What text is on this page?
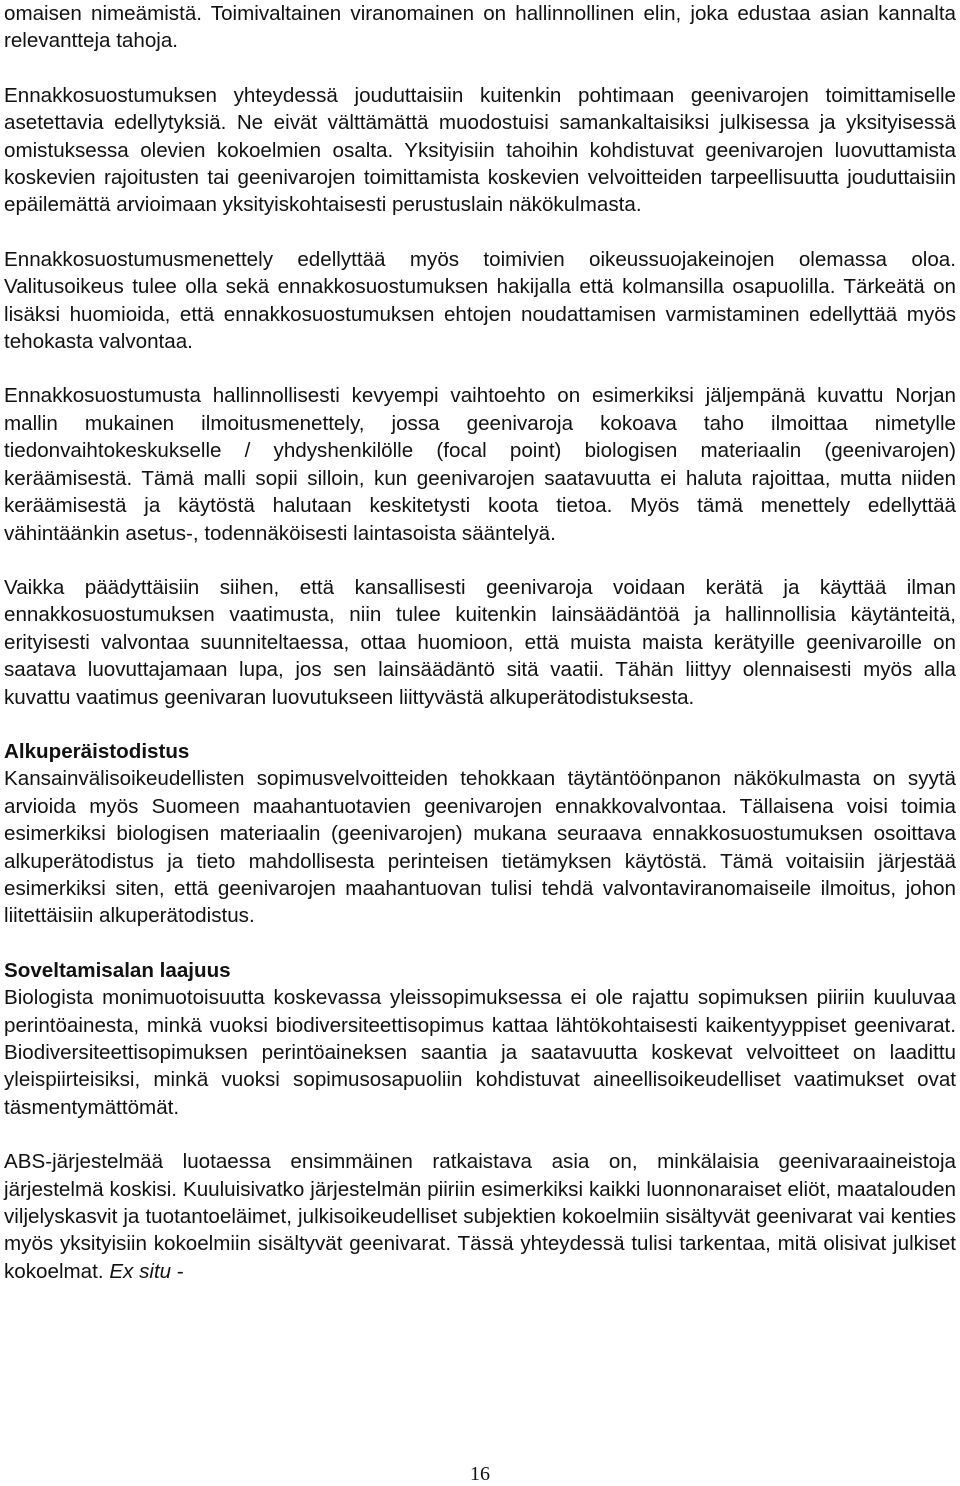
omaisen nimeämistä. Toimivaltainen viranomainen on hallinnollinen elin, joka edustaa asian kannalta relevantteja tahoja.

Ennakkosuostumuksen yhteydessä jouduttaisiin kuitenkin pohtimaan geenivarojen toimittamiselle asetettavia edellytyksiä. Ne eivät välttämättä muodostuisi samankaltaisiksi julkisessa ja yksityisessä omistuksessa olevien kokoelmien osalta. Yksityisiin tahoihin kohdistuvat geenivarojen luovuttamista koskevien rajoitusten tai geenivarojen toimittamista koskevien velvoitteiden tarpeellisuutta jouduttaisiin epäilemättä arvioimaan yksityiskohtaisesti perustuslain näkökulmasta.

Ennakkosuostumusmenettely edellyttää myös toimivien oikeussuojakeinojen olemassa oloa. Valitusoikeus tulee olla sekä ennakkosuostumuksen hakijalla että kolmansilla osapuolilla. Tärkeätä on lisäksi huomioida, että ennakkosuostumuksen ehtojen noudattamisen varmistaminen edellyttää myös tehokasta valvontaa.

Ennakkosuostumusta hallinnollisesti kevyempi vaihtoehto on esimerkiksi jäljempänä kuvattu Norjan mallin mukainen ilmoitusmenettely, jossa geenivaroja kokoava taho ilmoittaa nimetylle tiedonvaihtokeskukselle / yhdyshenkilölle (focal point) biologisen materiaalin (geenivarojen) keräämisestä. Tämä malli sopii silloin, kun geenivarojen saatavuutta ei haluta rajoittaa, mutta niiden keräämisestä ja käytöstä halutaan keskitetysti koota tietoa. Myös tämä menettely edellyttää vähintäänkin asetus-, todennäköisesti laintasoista sääntelyä.

Vaikka päädyttäisiin siihen, että kansallisesti geenivaroja voidaan kerätä ja käyttää ilman ennakkosuostumuksen vaatimusta, niin tulee kuitenkin lainsäädäntöä ja hallinnollisia käytänteitä, erityisesti valvontaa suunniteltaessa, ottaa huomioon, että muista maista kerätyille geenivaroille on saatava luovuttajamaan lupa, jos sen lainsäädäntö sitä vaatii. Tähän liittyy olennaisesti myös alla kuvattu vaatimus geenivaran luovutukseen liittyvästä alkuperätodistuksesta.

Alkuperäistodistus

Kansainvälisoikeudellisten sopimusvelvoitteiden tehokkaan täytäntöönpanon näkökulmasta on syytä arvioida myös Suomeen maahantuotavien geenivarojen ennakkovalvontaa. Tällaisena voisi toimia esimerkiksi biologisen materiaalin (geenivarojen) mukana seuraava ennakkosuostumuksen osoittava alkuperätodistus ja tieto mahdollisesta perinteisen tietämyksen käytöstä. Tämä voitaisiin järjestää esimerkiksi siten, että geenivarojen maahantuovan tulisi tehdä valvontaviranomaiseile ilmoitus, johon liitettäisiin alkuperätodistus.

Soveltamisalan laajuus

Biologista monimuotoisuutta koskevassa yleissopimuksessa ei ole rajattu sopimuksen piiriin kuuluvaa perintöainesta, minkä vuoksi biodiversiteettisopimus kattaa lähtökohtaisesti kaikentyyppiset geenivarat. Biodiversiteettisopimuksen perintöaineksen saantia ja saatavuutta koskevat velvoitteet on laadittu yleispiirteisiksi, minkä vuoksi sopimusosapuoliin kohdistuvat aineellisoikeudelliset vaatimukset ovat täsmentymättömät.

ABS-järjestelmää luotaessa ensimmäinen ratkaistava asia on, minkälaisia geenivaraaineistoja järjestelmä koskisi. Kuuluisivatko järjestelmän piiriin esimerkiksi kaikki luonnonaraiset eliöt, maatalouden viljelyskasvit ja tuotantoeläimet, julkisoikeudelliset subjektien kokoelmiin sisältyvät geenivarat vai kenties myös yksityisiin kokoelmiin sisältyvät geenivarat. Tässä yhteydessä tulisi tarkentaa, mitä olisivat julkiset kokoelmat. Ex situ -

16
